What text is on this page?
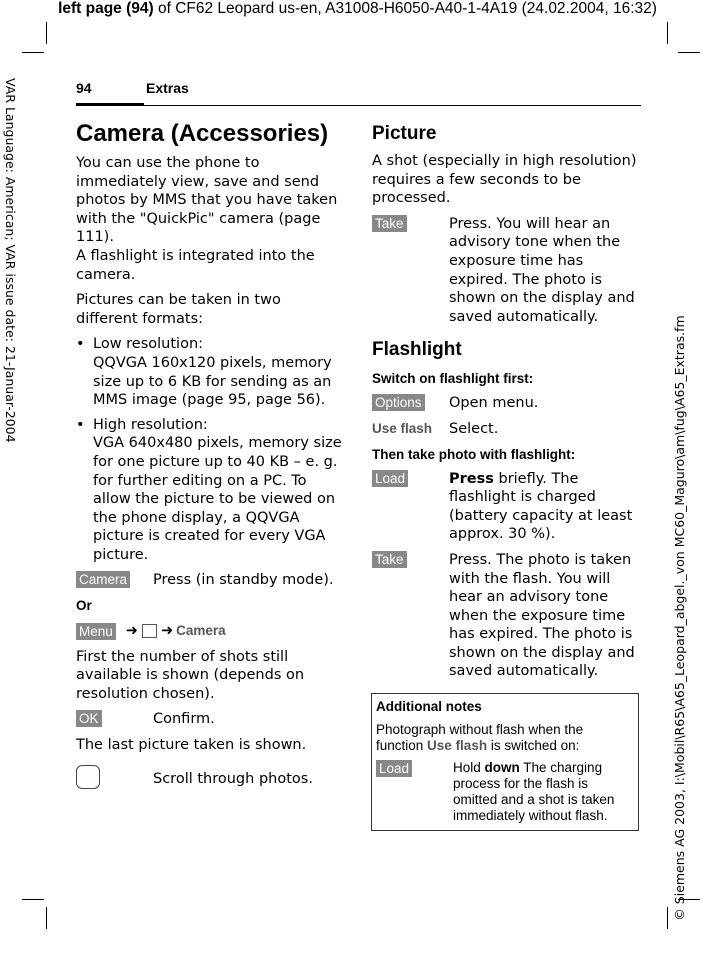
left page (94) of CF62 Leopard us-en, A31008-H6050-A40-1-4A19 (24.02.2004, 16:32)
VAR Language: American; VAR issue date: 21-Januar-2004
© Siemens AG 2003, I:\Mobil\R65\A65_Leopard_abgel._von MC60_Maguro\am\fug\A65_Extras.fm
94	Extras
Camera (Accessories)

You can use the phone to immediately view, save and send photos by MMS that you have taken with the "QuickPic" camera (page 111).

A flashlight is integrated into the camera.

Pictures can be taken in two different formats:

• Low resolution:
QQVGA 160x120 pixels, memory size up to 6 KB for sending as an MMS image (page 95, page 56).
• High resolution:
VGA 640x480 pixels, memory size for one picture up to 40 KB – e. g. for further editing on a PC. To allow the picture to be viewed on the phone display, a QQVGA picture is created for every VGA picture.
Camera	Press (in standby mode).
Or
Menu ➜ ➜ Camera

First the number of shots still available is shown (depends on resolution chosen).

OK	Confirm.

The last picture taken is shown.

Scroll through photos.
Picture

A shot (especially in high resolution) requires a few seconds to be processed.

Take	Press. You will hear an advisory tone when the exposure time has expired. The photo is shown on the display and saved automatically.
Flashlight
Switch on flashlight first:
Options	Open menu.
Use flash	Select.
Then take photo with flashlight:
Load	Press briefly. The flashlight is charged (battery capacity at least approx. 30 %).
Take	Press. The photo is taken with the flash. You will hear an advisory tone when the exposure time has expired. The photo is shown on the display and saved automatically.
Additional notes
Photograph without flash when the function Use flash is switched on:
Load	Hold down The charging process for the flash is omitted and a shot is taken immediately without flash.
